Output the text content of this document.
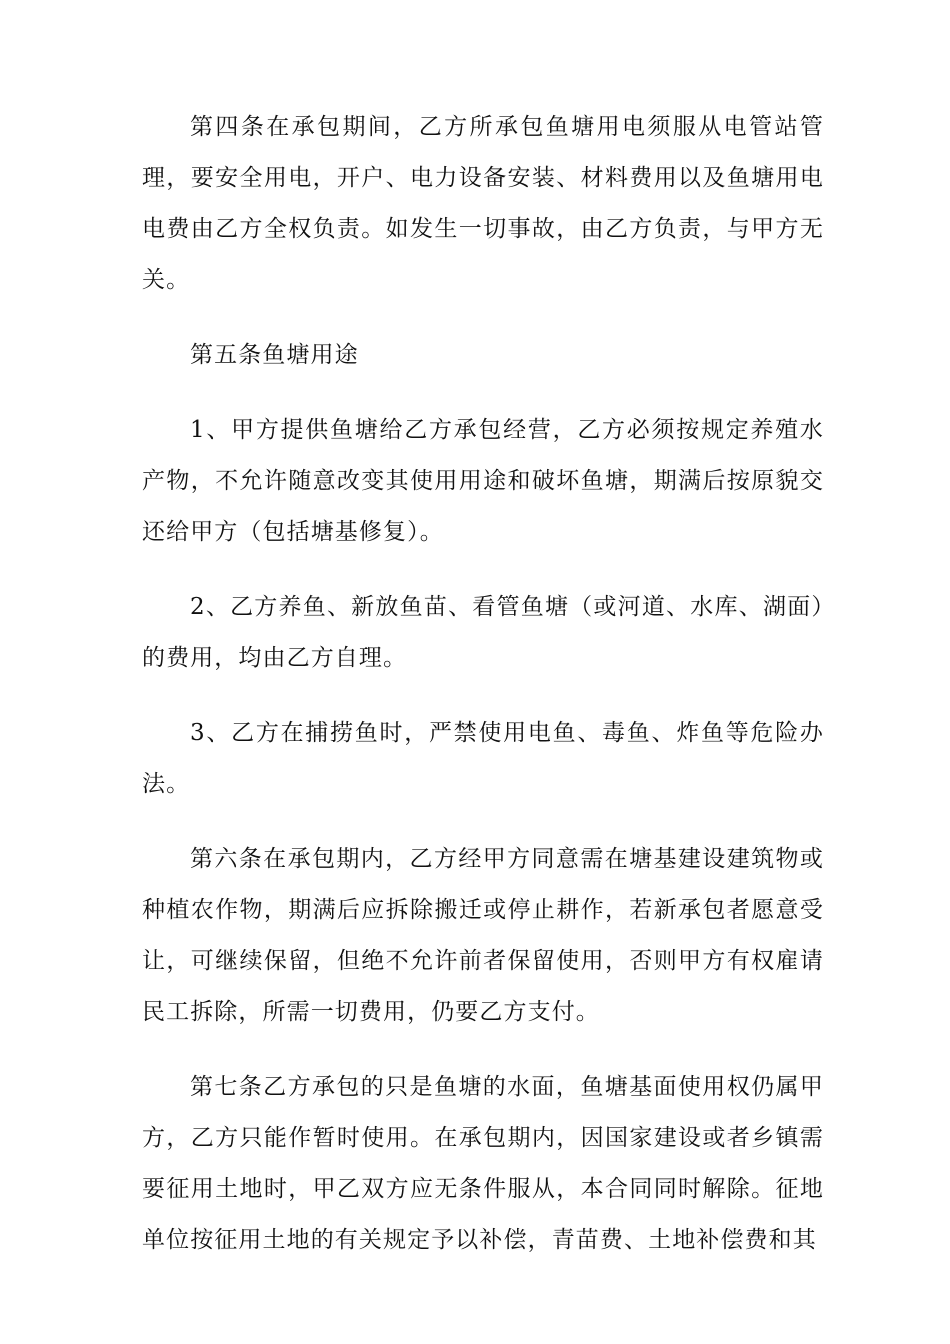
第四条在承包期间，乙方所承包鱼塘用电须服从电管站管理，要安全用电，开户、电力设备安装、材料费用以及鱼塘用电电费由乙方全权负责。如发生一切事故，由乙方负责，与甲方无关。

第五条鱼塘用途

1、甲方提供鱼塘给乙方承包经营，乙方必须按规定养殖水产物，不允许随意改变其使用用途和破坏鱼塘，期满后按原貌交还给甲方（包括塘基修复）。

2、乙方养鱼、新放鱼苗、看管鱼塘（或河道、水库、湖面）的费用，均由乙方自理。

3、乙方在捕捞鱼时，严禁使用电鱼、毒鱼、炸鱼等危险办法。

第六条在承包期内，乙方经甲方同意需在塘基建设建筑物或种植农作物，期满后应拆除搬迁或停止耕作，若新承包者愿意受让，可继续保留，但绝不允许前者保留使用，否则甲方有权雇请民工拆除，所需一切费用，仍要乙方支付。

第七条乙方承包的只是鱼塘的水面，鱼塘基面使用权仍属甲方，乙方只能作暂时使用。在承包期内，因国家建设或者乡镇需要征用土地时，甲乙双方应无条件服从，本合同同时解除。征地单位按征用土地的有关规定予以补偿，青苗费、土地补偿费和其
